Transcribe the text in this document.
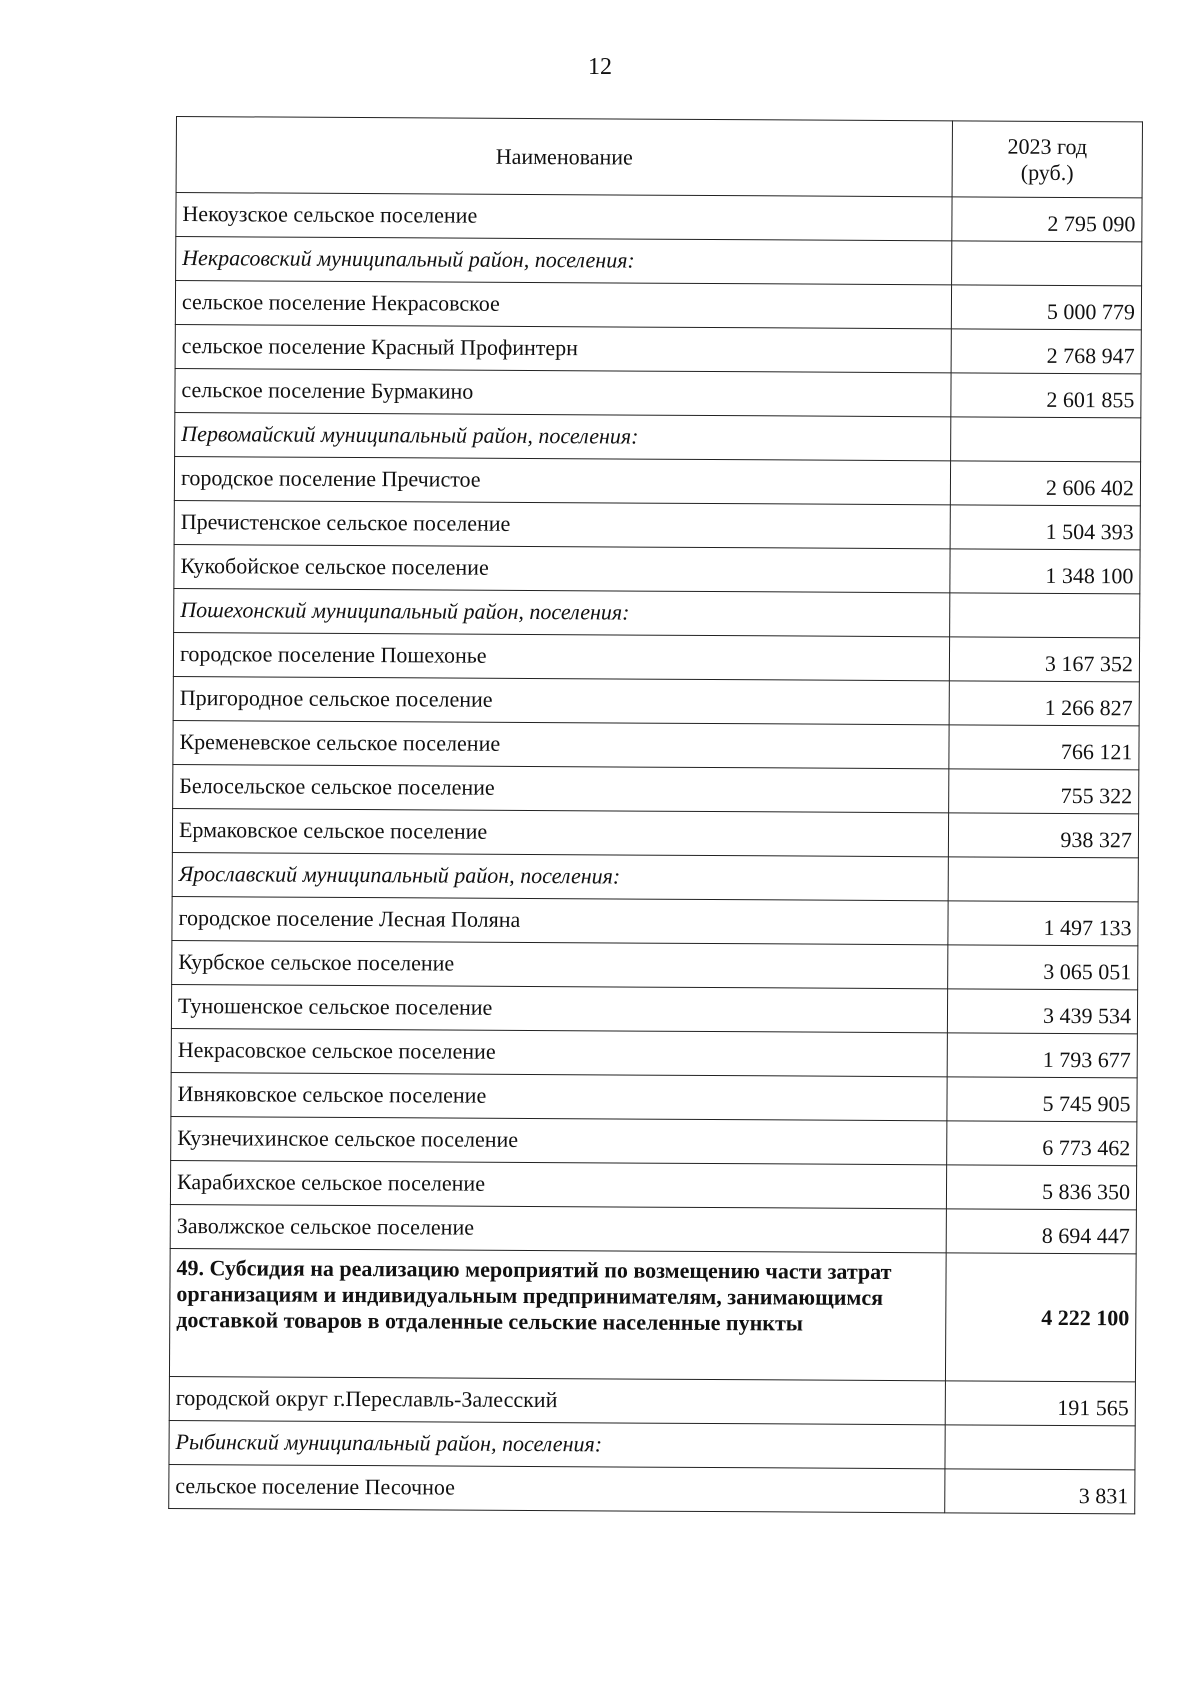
12
Наименование	2023 год
(руб.)

Некоузское сельское поселение	2 795 090
Некрасовский муниципальный район, поселения:	
сельское поселение Некрасовское	5 000 779
сельское поселение Красный Профинтерн	2 768 947
сельское поселение Бурмакино	2 601 855
Первомайский муниципальный район, поселения:	
городское поселение Пречистое	2 606 402
Пречистенское сельское поселение	1 504 393
Кукобойское сельское поселение	1 348 100
Пошехонский муниципальный район, поселения:	
городское поселение Пошехонье	3 167 352
Пригородное сельское поселение	1 266 827
Кременевское сельское поселение	766 121
Белосельское сельское поселение	755 322
Ермаковское сельское поселение	938 327
Ярославский муниципальный район, поселения:	
городское поселение Лесная Поляна	1 497 133
Курбское сельское поселение	3 065 051
Туношенское сельское поселение	3 439 534
Некрасовское сельское поселение	1 793 677
Ивняковское сельское поселение	5 745 905
Кузнечихинское сельское поселение	6 773 462
Карабихское сельское поселение	5 836 350
Заволжское сельское поселение	8 694 447
49. Субсидия на реализацию мероприятий по возмещению части затрат организациям и индивидуальным предпринимателям, занимающимся доставкой товаров в отдаленные сельские населенные пункты	4 222 100
городской округ г.Переславль-Залесский	191 565
Рыбинский муниципальный район, поселения:	
сельское поселение Песочное	3 831
